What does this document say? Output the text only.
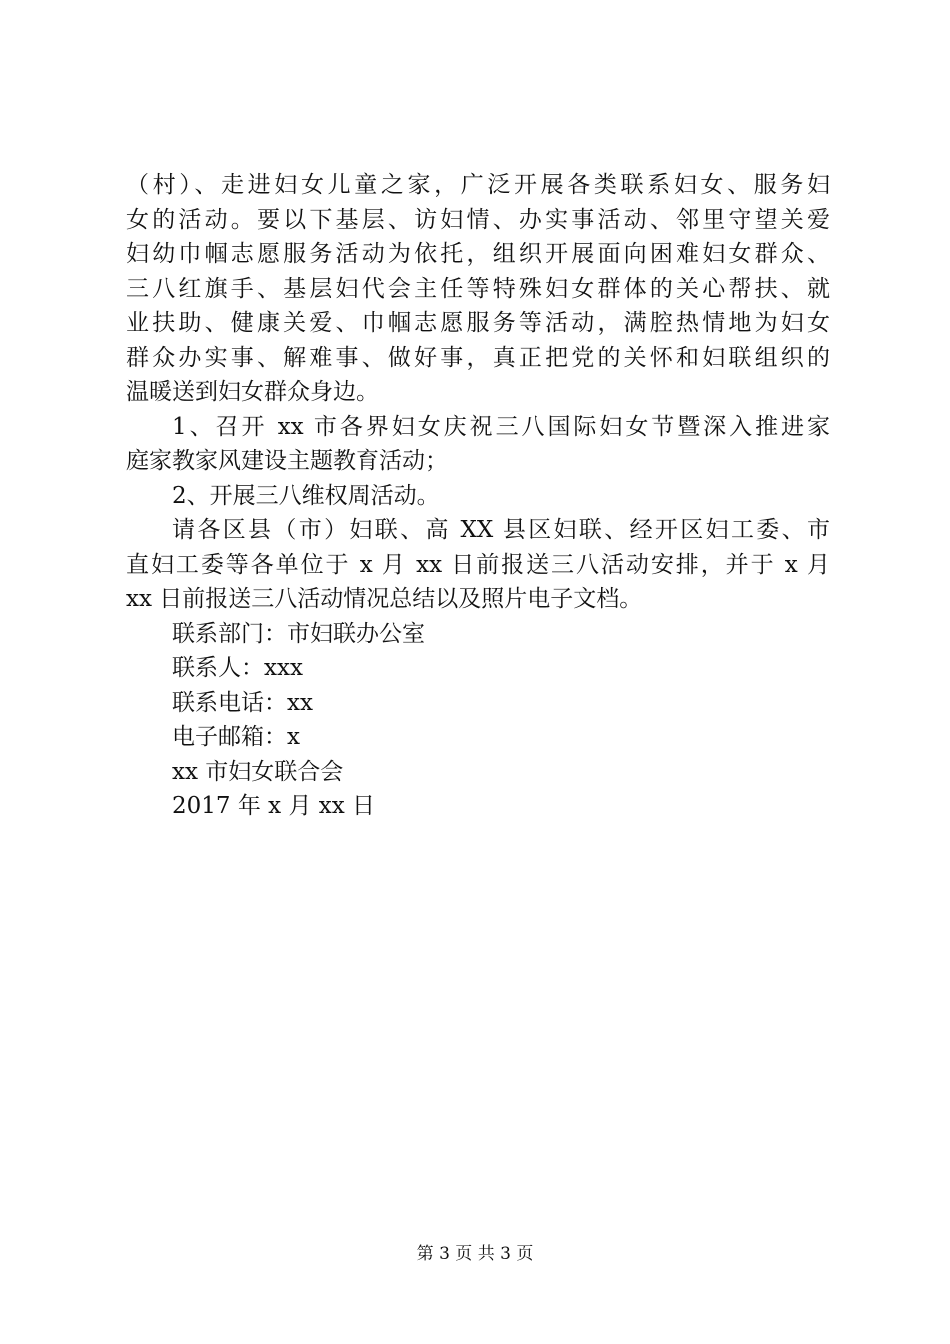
（村）、走进妇女儿童之家，广泛开展各类联系妇女、服务妇
女的活动。要以下基层、访妇情、办实事活动、邻里守望关爱
妇幼巾帼志愿服务活动为依托，组织开展面向困难妇女群众、
三八红旗手、基层妇代会主任等特殊妇女群体的关心帮扶、就
业扶助、健康关爱、巾帼志愿服务等活动，满腔热情地为妇女
群众办实事、解难事、做好事，真正把党的关怀和妇联组织的
温暖送到妇女群众身边。
1、召开 xx 市各界妇女庆祝三八国际妇女节暨深入推进家
庭家教家风建设主题教育活动；
2、开展三八维权周活动。
请各区县（市）妇联、高 XX 县区妇联、经开区妇工委、市
直妇工委等各单位于 x 月 xx 日前报送三八活动安排，并于 x 月
xx 日前报送三八活动情况总结以及照片电子文档。
联系部门：市妇联办公室
联系人：xxx
联系电话：xx
电子邮箱：x
xx 市妇女联合会
2017 年 x 月 xx 日
第 3 页 共 3 页
